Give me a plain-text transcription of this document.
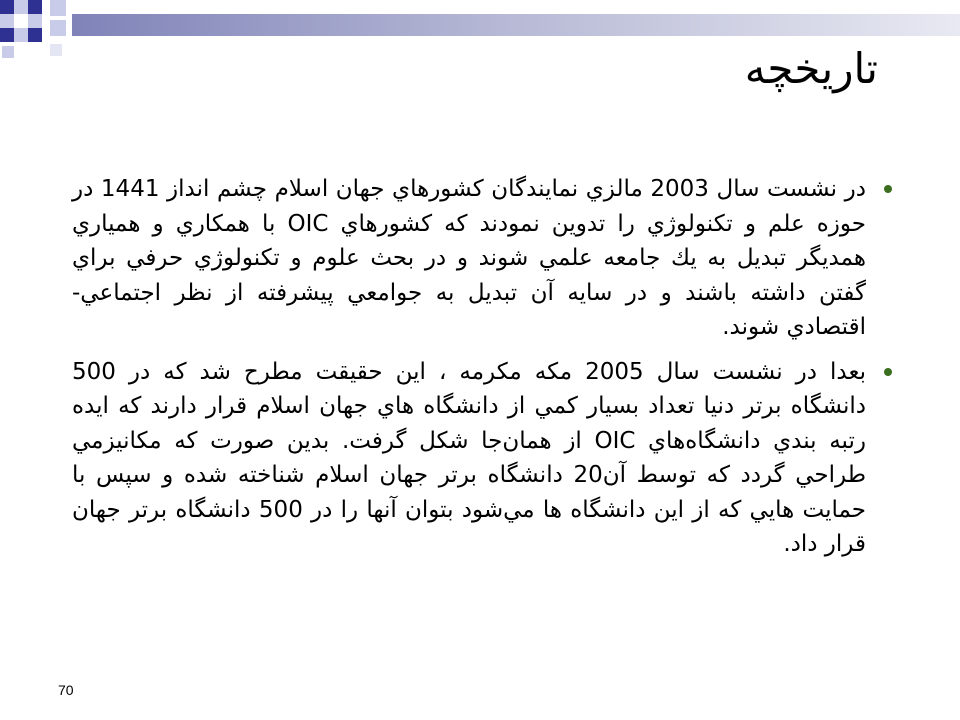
تاريخچه
در نشست سال 2003 مالزي نمايندگان كشورهاي جهان اسلام چشم انداز 1441 در حوزه علم و تكنولوژي را تدوين نمودند كه كشورهاي OIC با همكاري و همياري همديگر تبديل به يك جامعه علمي شوند و در بحث علوم و تكنولوژي حرفي براي گفتن داشته باشند و در سايه آن تبديل به جوامعي پيشرفته از نظر اجتماعي- اقتصادي شوند.
بعدا در نشست سال 2005 مكه مكرمه ، اين حقيقت مطرح شد كه در 500 دانشگاه برتر دنيا تعداد بسيار كمي از دانشگاه هاي جهان اسلام قرار دارند كه ايده رتبه بندي دانشگاه‌هاي OIC از همان‌جا شكل گرفت. بدين صورت كه مكانيزمي طراحي گردد كه توسط آن20 دانشگاه برتر جهان اسلام شناخته شده و سپس با حمايت هايي كه از اين دانشگاه ها مي‌شود بتوان آنها را در 500 دانشگاه برتر جهان قرار داد.
70
